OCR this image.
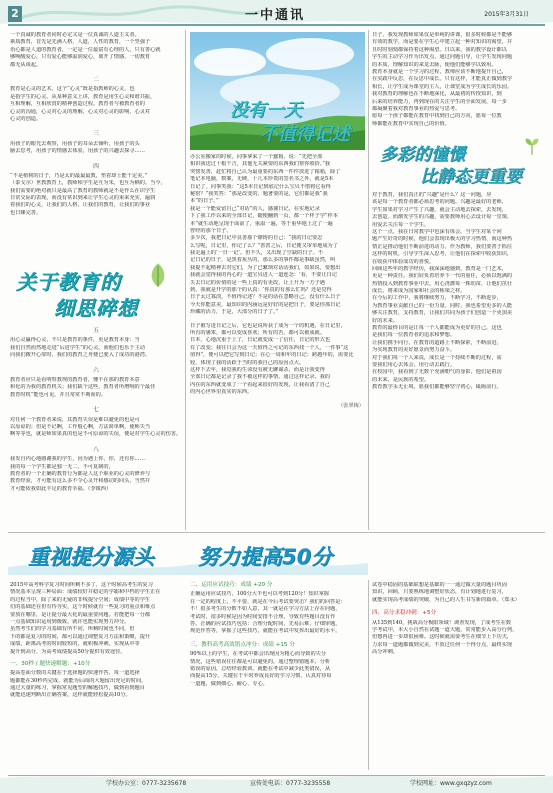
2	一中通讯	2015年3月31日
一个真诚的教育者同时必定又是一位真诚的人道主义者。
素质教育，首先是先满人格，人道，人性的教育，一个坚强子
语心都是人道的教育者，一定是一位最富有心理的人，只有善心就
够唤醒爱心，只有爱心能够温润爱心，离开了情感，一切教育
都无从谈起。
二
教育是心灵的艺术，这个“心灵”既是指教师的心灵，也
是指学生的心灵。从某种意义上讲，教育是用生心灵和谐共振，
互相理解，互相欣赏的精神创造过程。教育者与被教育者的
心灵的沟通，心灵对心灵的理解，心灵对心灵的影响，心灵对
心灵的创造。
三
用孩子的眼光去观察，用孩子的耳朵去倾听，用孩子的头
脑去思考，用孩子的情感去体验，用孩子的兴趣去探寻……
四
“不是植树的日子，乃是太的最最最教，垫着却土能千定美。”
（泰戈尔）世教教育上，教师和学生是互为朱，也互为栖的。当今，
我们需要的绝对就只是最高了教育的教师就是不是作么在识学生
日常交际的表现。而没有常识到来让学生心灵的束来充实，遍润
着我们的心灵，让我们的人格，让我们的教育，让我们的事业
也日臻完善。
关于教育的
细思碎想
五
用心灵赢得心灵，不只是教育的条件，更是教育本身：当
我们自然而然地走进“后进学生”的心灵，而他们也乐于主动
向我们敞开心扉时，我们的教育之舟便已驶入了成功的港湾。
六
教育者应只是看明察教规的教育者，懂不在那的教育本意
和化的为我的教育机关；我们缺个这些，教育者所增响的个最佳
教育时机“能也可见，并且常常不期而的。
七
对任何一个教育者来说，其教育失误是难以避免的也是可
以原谅的；但是不记啊，工作般心啊，方法简单啊，使师失当
啊等等也，就是师如果真的也是不可原谅的失误，便是对学生心灵的伤害。
八
我发自内心地感谢我的学生，因为遇上你，你，还有你……
我的每一个学生都是独一无二，不可复制的，
教育者的一个正确的教育行为都是人这个职业的心灵的修养与
教育经验，才可能有这么多不令心灵开和感动的回头，当然并
才可能依我如此丰足的教育幸福。（李镇西）
没有一天
不值得记述
办公室搬家的时候，同事拿来了一个蠢箱，说：“先把全部
相识我送过十根干吉，其他无关紧要的东西我们帮你收拾。”我
突愣发善，赶忙将自己认为最重要的东西一件件放进了箱箱，除了
笔记本电脑，数案，无硬，十几本珍贵的签名书之外，就是5本
日记了。同事笑我：“这5本日记到底记什么宝贝不惜将它看得
秘密？”我笑答：“那是改变的，题著要的是，它们都是我“我
本”的日子。”
我是一个能爱留自己“对话”的人，感谢日记，在实地记录
下了我工作以来的全部日记，随便翻到一页，都一个样子学”样本
本”就生动地呈现于面前了，重温一遍，等于重华地上过了一遍
曾经的那个日子。
多少次，我把日记中良善那个镣铸的自己：“我的日记要怎
么写呢，日记里，你记了么？”善善之后，日记便又审单地成为了
我走遍上的‘一日一记’。但不久，又出现了空缺的日子。不
记日记的日子，是黑着灰丛的，那么多的事件都是事缺虽然，叫
我提不起精神去对它们，为了已繁琐对话动我们，如果说，要想出
我就会觉得我的内心的一道宝贝进人一道连念：‘看，不要让日记
失去日记的价值的是一些上真的有更改，让上升为一方子遇
到，我就是开学的那个的认真：‘你真的有那么忙吗？还是觉得
日子太过寡淡，不值得记述？不是的话在忽略自己，没有什么日子
今天你能意美，最知识的内涵远是好好的是把日子，要是你那日记
珍藏的活力，于是，大部分的日子了。”
日子被写进日记之后，它也是说所获了成为一个的机遇。在日记里，
所有的愚笨，都可以变成喜欢；所有的苦，都可以被成就。
日本，心地沉重于上了，日记就变成一了信任，日记的形式也
有了改变；我往日会为这一天值得之可记的东西找一个人，一件事“这
值得”，便可以把它写到日记；在心一周和年的日记：跨越年的，需要比
较，体现了我的活跃于当时的我自己的原因点大。
这样下去年，我觉我的生命没有被无聊谋杀，而是让我变得
全部日记都是记录了我不被这样的事情，通过这样记录，我的
内在的东西就变成了一个看起来很好的发现，让我看清了自己
的内心世界里真实的东西。
（张翠梅）
日子，我发现教师如果仅是单纯的讲课，很多时候都是不能够
有效的教学，而是要在学生心中建立起一种对知识的渴望，并
且时时刻刻都保持着这种渴望。日以来，我的教学设计都以
学生的主动学习作为出发点，通过问题引导，让学生发现问题
的本质，理解知识的来龙去脉，使他们能够学以致用。
教育本身就是一个学习的过程，教师应该不断地提升自己，
在实践中反思，在反思中成长。只有这样，才能真正做到教学
相长，让学生成为课堂的主人，让课堂成为学生成长的乐园。
我对教育的理解也在不断地深化，从最初的传授知识，到
后来的培养能力，再到现在的关注学生的全面发展，每一步
都凝聚着我对教育事业的热爱与思考。
愿每一个孩子都能在教育中找到自己的方向，愿每一位教
师都能在教育中实现自己的价值。
多彩的憧憬
比静态更重要
对于教育，我们真正的“兴趣”是什么？这一问题，应
该是每一个教育者都必须思考的问题。兴趣是最好的老师，
学生如果对学习产生了兴趣，就会主动地去探索，去发现，
去创造。而激发学生的兴趣，需要教师用心去设计每一堂课，
用爱去关注每一个学生。
这个一点，我在日常教学中也深有体会。当学生对某个问
题产生好奇的时候，他们会表现出极大的学习热情，而这种热
情正是推动他们不断前进的动力。作为教师，我们要善于抓住
这样的时机，引导学生深入思考，让他们在探索中收获知识，
在收获中体验成功的喜悦。
回顾这些年的教学经历，我深深地感到，教育是一门艺术，
更是一种责任。我们肩负着培养下一代的重任，必须以饱满的
热情投入到教育事业中去，用心浇灌每一株幼苗，让他们茁壮
成长，将来成为国家和社会的栋梁之材。
在今后的工作中，我将继续努力，不断学习，不断进步，
为教育事业贡献自己的一份力量。同时，我也希望更多的人能
够关注教育，支持教育，让我们共同为孩子们创造一个更加美
好的未来。
教育的最终目的是让每一个人都能成为更好的自己，这也
是我们每一位教育者的追求和梦想。
让我们携手同行，在教育的道路上不断探索，不断前进，
为实现教育的美好愿景而努力奋斗。
对于我们每一个人来说，成长是一个持续不断的过程，需
要我们用心去体会，用行动去践行。
在校园中，我看到了无数个充满朝气的身影，他们是祖国
的未来，是民族的希望。
教育教学永无止境，愿我们都能够坚守初心，砥砺前行。
重视提分源头 努力提高50分
2015年高考科学复习时间所剩不多了，这个时候高考生的复习
情况基本呈现三种局面：成绩较好并稳定的学霸和中档的学生正在
的过程当中，除了来的无疑的非线提分空间；成绩中等的学生
们的基础还在但有待夯实，这个时候就有一些复习的重点和难点
要放在哪里，是让提分最大化的最重要问题。若能把每一分都
一点基础知识运用到极致，就许也能实现努力冲分。
虽然考生们的学习基础有所不同，所剩时间也不同，但
下的都是复习的时间，都可以通过调整复习方法和策略，提升
成绩，距离高考的时间较短的，就积极冲刺，实现从中等
提升到高分，为高考成绩提高50分提供有效途径。
一、30秒 / 题快速解题：+10分
提高卷面分数的关键在于选择题的快速作答，每一道选择
题都能在30秒内完成，就能为后面的大题留出充足的时间。
通过大量的练习，掌握常见题型的解题技巧，做到看到题目
就能迅速判断出正确答案，这样就能轻松提高10分。
二、运用应试技巧：成绩 +20 分
正确运用应试技巧，100分大半也可以考到120分！知识掌握
在一定的程度上，不平要，就是在今后考试要突击？我们的回答是：
不！很多考生的分数不如人意，其一就是在学习方法上存在问题，
考试时，很多时候是因为时间安排不合理，导致有些题目没有作
答。正确的应试技巧包括：合理分配时间，先易后难，仔细审题，
规范作答等，掌握了这些技巧，就能在考试中发挥出最好的水平。
三、教科高考高效错点冲分：成绩 +15 分
90%以上的学生，在考试中都会出现因为粗心而导致的失分
情况，这些错误往往都是可以避免的。通过整理错题本，分析
错误的原因，总结经验教训，就能在考试中减少此类错误，从
而提高15分。关键在于平时养成良好的学习习惯，认真对待每
一道题，做到细心、耐心、专心。
试卷中稳固的基础联想是基础的一一通过做大量的题目巩固
知识，回顾，只要熟练地调整好状态，有计划地进行复习，
就能实现高考成绩的突破，为自己的人生书写新的篇章。（郑永）
四、高分求稳冲刺：+5分
从135到140，挑战高分极限领域！调查发现，了成考生在数
学考试中，本大小自然在试题一道大题，常常能步入高分行列，
但想再进一步却很困难。这时候就需要考生在细节上下功夫，
力求每一道题都做到完美，不放过任何一个得分点，最终实现
高分冲刺。
学校办公室：0777-3235678	宣传处电话：0777-3235558	学校网址：www.gxqzyz.com
